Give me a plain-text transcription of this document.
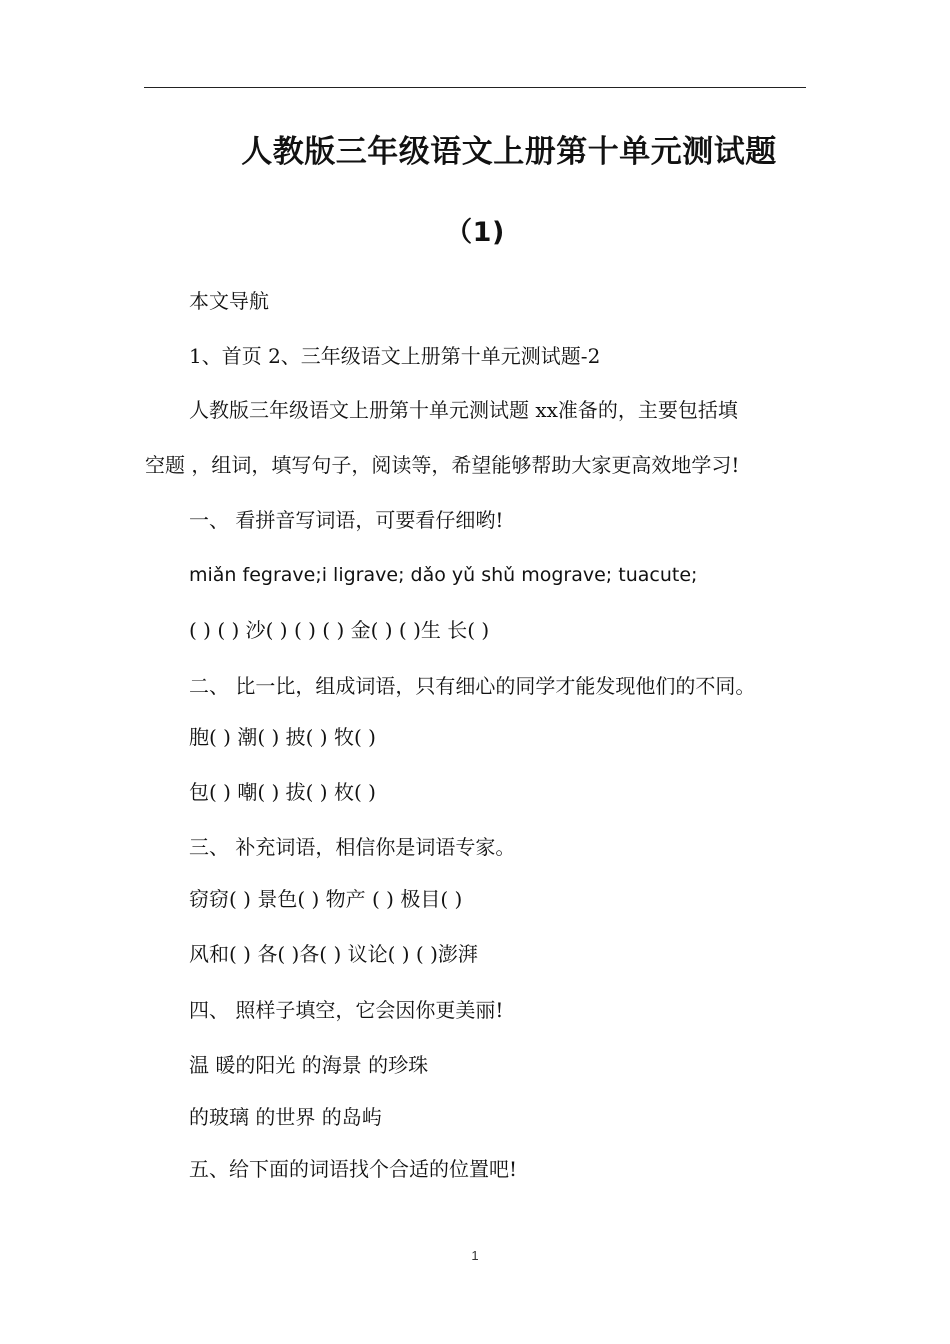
人教版三年级语文上册第十单元测试题
（1)
本文导航
1、首页 2、三年级语文上册第十单元测试题-2
人教版三年级语文上册第十单元测试题 xx准备的，主要包括填
空题 ，组词，填写句子，阅读等，希望能够帮助大家更高效地学习!
一、 看拼音写词语，可要看仔细哟!
miǎn fegrave;i ligrave; dǎo yǔ shǔ mograve; tuacute;
( ) ( ) 沙( ) ( ) ( ) 金( ) ( )生 长( )
二、 比一比，组成词语，只有细心的同学才能发现他们的不同。
胞( ) 潮( ) 披( ) 牧( )
包( ) 嘲( ) 拔( ) 枚( )
三、 补充词语，相信你是词语专家。
窃窃( ) 景色( ) 物产 ( ) 极目( )
风和( ) 各( )各( ) 议论( ) ( )澎湃
四、 照样子填空，它会因你更美丽!
温 暖的阳光 的海景 的珍珠
的玻璃 的世界 的岛屿
五、给下面的词语找个合适的位置吧!
1
